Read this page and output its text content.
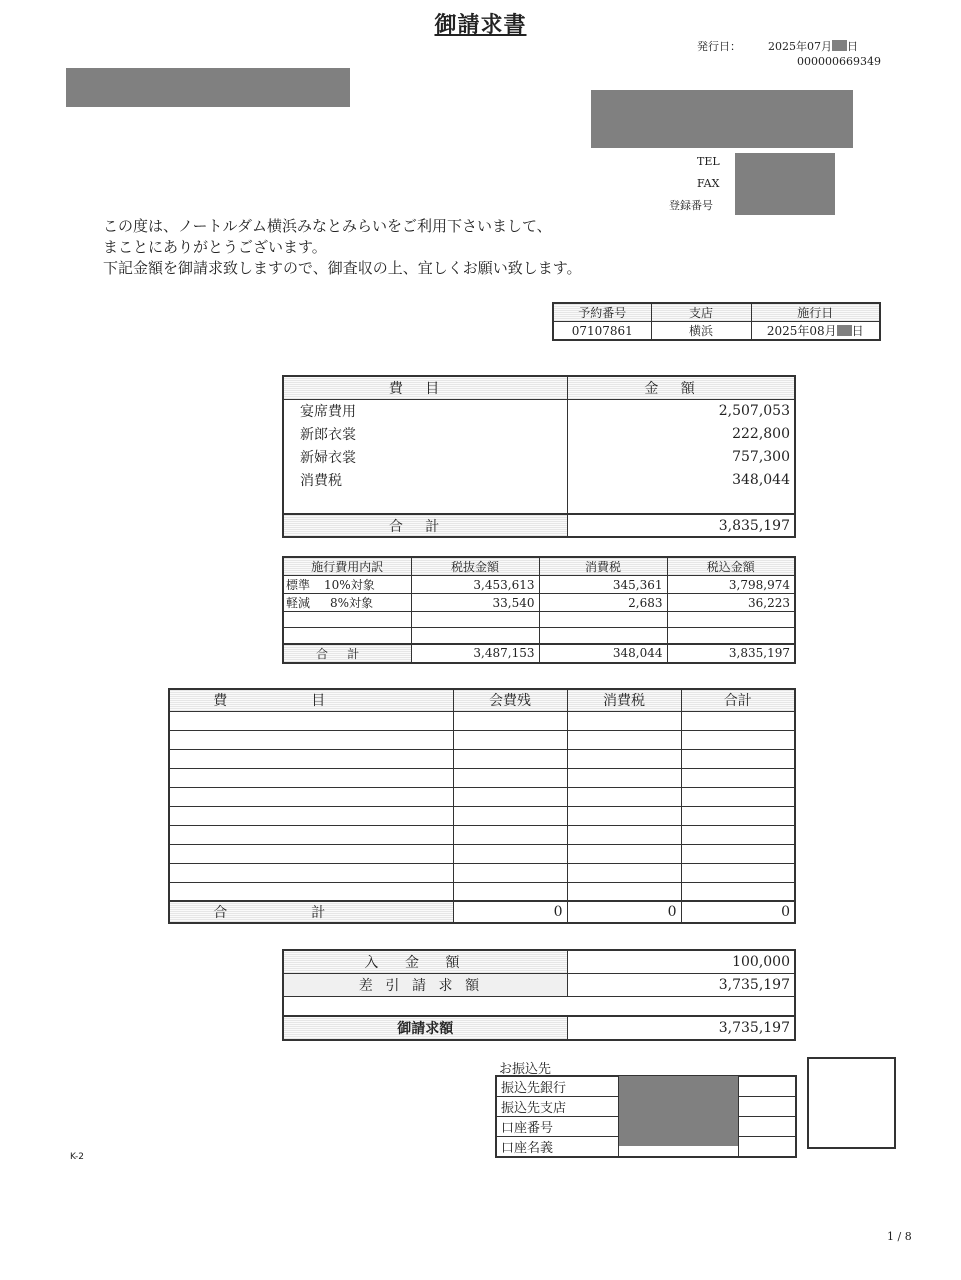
御請求書
発行日： 2025年07月 日
000000669349
TEL
FAX
登録番号
この度は、ノートルダム横浜みなとみらいをご利用下さいまして、
まことにありがとうございます。
下記金額を御請求致しますので、御査収の上、宜しくお願い致します。
予約番号	支店	施行日
07107861	横浜	2025年08月 日
費目	金額
宴席費用	2,507,053
新郎衣裳	222,800
新婦衣裳	757,300
消費税	348,044

合計	3,835,197
施行費用内訳	税抜金額	消費税	税込金額
標準 10%対象	3,453,613	345,361	3,798,974
軽減 8%対象	33,540	2,683	36,223

合計	3,487,153	348,044	3,835,197
費目	会費残	消費税	合計

合計	0	0	0
入金額	100,000
差引請求額	3,735,197

御請求額	3,735,197
お振込先
振込先銀行		
振込先支店		
口座番号		
口座名義		
K-2
1 / 8
